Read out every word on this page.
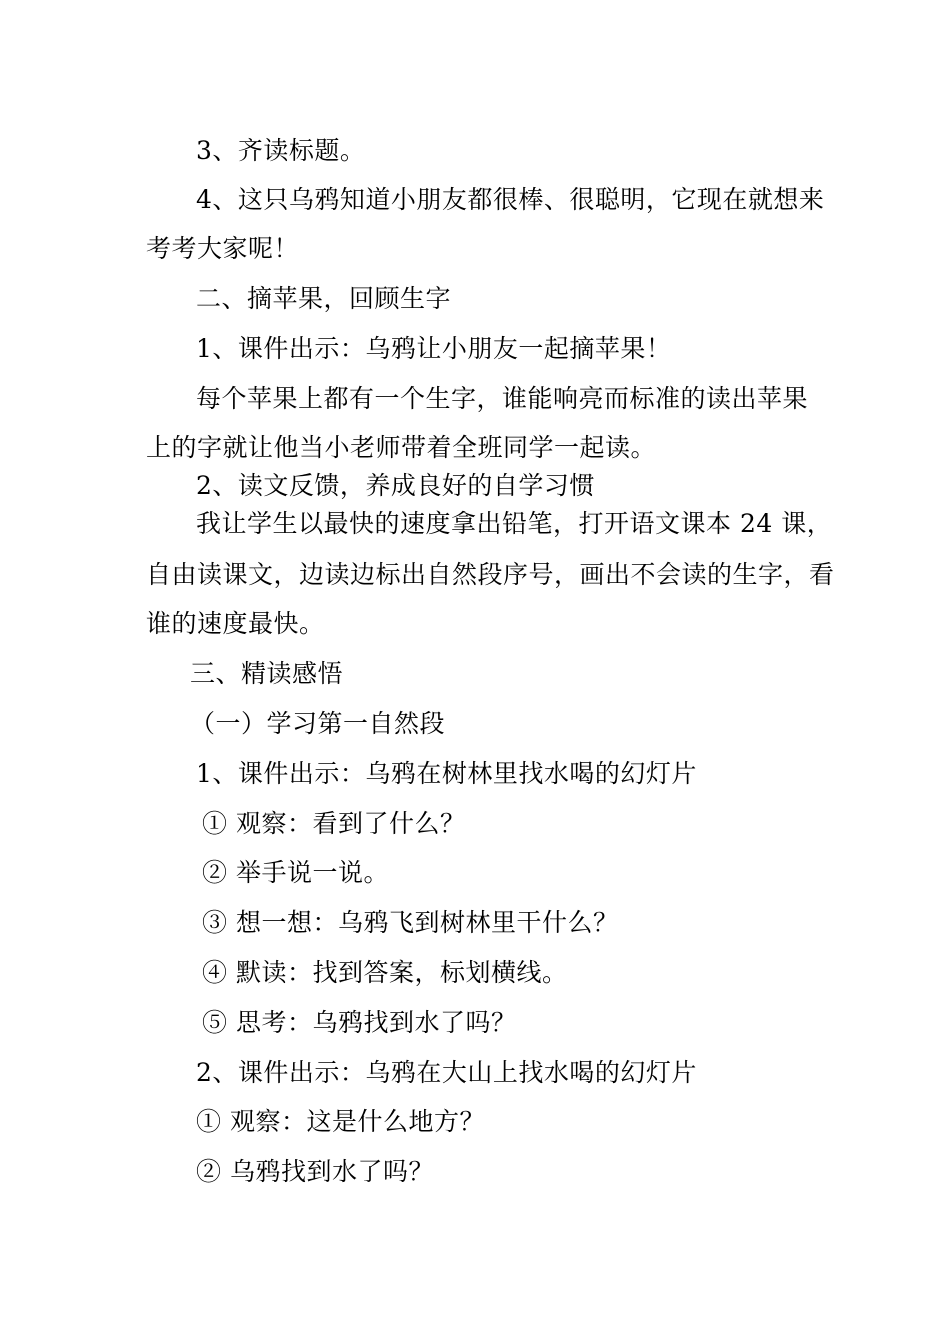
3、齐读标题。
4、这只乌鸦知道小朋友都很棒、很聪明，它现在就想来
考考大家呢！
二、摘苹果，回顾生字
1、课件出示：乌鸦让小朋友一起摘苹果！
每个苹果上都有一个生字，谁能响亮而标准的读出苹果
上的字就让他当小老师带着全班同学一起读。
2、读文反馈，养成良好的自学习惯
我让学生以最快的速度拿出铅笔，打开语文课本 24 课，
自由读课文，边读边标出自然段序号，画出不会读的生字，看
谁的速度最快。
三、精读感悟
（一）学习第一自然段
1、课件出示：乌鸦在树林里找水喝的幻灯片
① 观察：看到了什么？
② 举手说一说。
③ 想一想：乌鸦飞到树林里干什么？
④ 默读：找到答案，标划横线。
⑤ 思考：乌鸦找到水了吗？
2、课件出示：乌鸦在大山上找水喝的幻灯片
① 观察：这是什么地方？
② 乌鸦找到水了吗？
